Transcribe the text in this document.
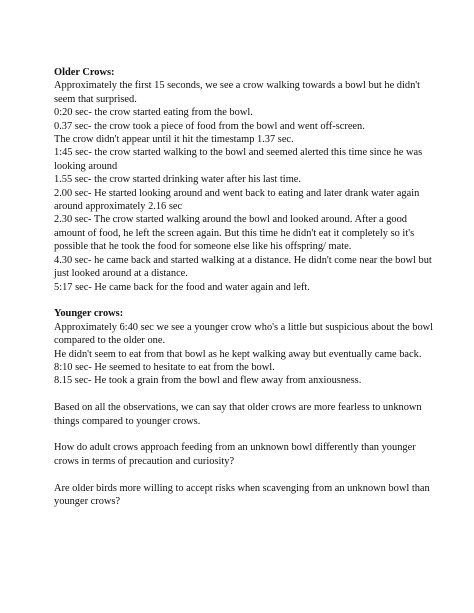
Older Crows:

Approximately the first 15 seconds, we see a crow walking towards a bowl but he didn't seem that surprised.

0:20 sec- the crow started eating from the bowl.

0.37 sec- the crow took a piece of food from the bowl and went off-screen.

The crow didn't appear until it hit the timestamp 1.37 sec.

1:45 sec- the crow started walking to the bowl and seemed alerted this time since he was looking around

1.55 sec- the crow started drinking water after his last time.

2.00 sec- He started looking around and went back to eating and later drank water again around approximately 2.16 sec

2.30 sec- The crow started walking around the bowl and looked around. After a good amount of food, he left the screen again. But this time he didn't eat it completely so it's possible that he took the food for someone else like his offspring/ mate.

4.30 sec- he came back and started walking at a distance. He didn't come near the bowl but just looked around at a distance.

5:17 sec- He came back for the food and water again and left.

Younger crows:

Approximately 6:40 sec we see a younger crow who's a little but suspicious about the bowl compared to the older one.

He didn't seem to eat from that bowl as he kept walking away but eventually came back.

8:10 sec- He seemed to hesitate to eat from the bowl.

8.15 sec- He took a grain from the bowl and flew away from anxiousness.

Based on all the observations, we can say that older crows are more fearless to unknown things compared to younger crows.

How do adult crows approach feeding from an unknown bowl differently than younger crows in terms of precaution and curiosity?

Are older birds more willing to accept risks when scavenging from an unknown bowl than younger crows?
